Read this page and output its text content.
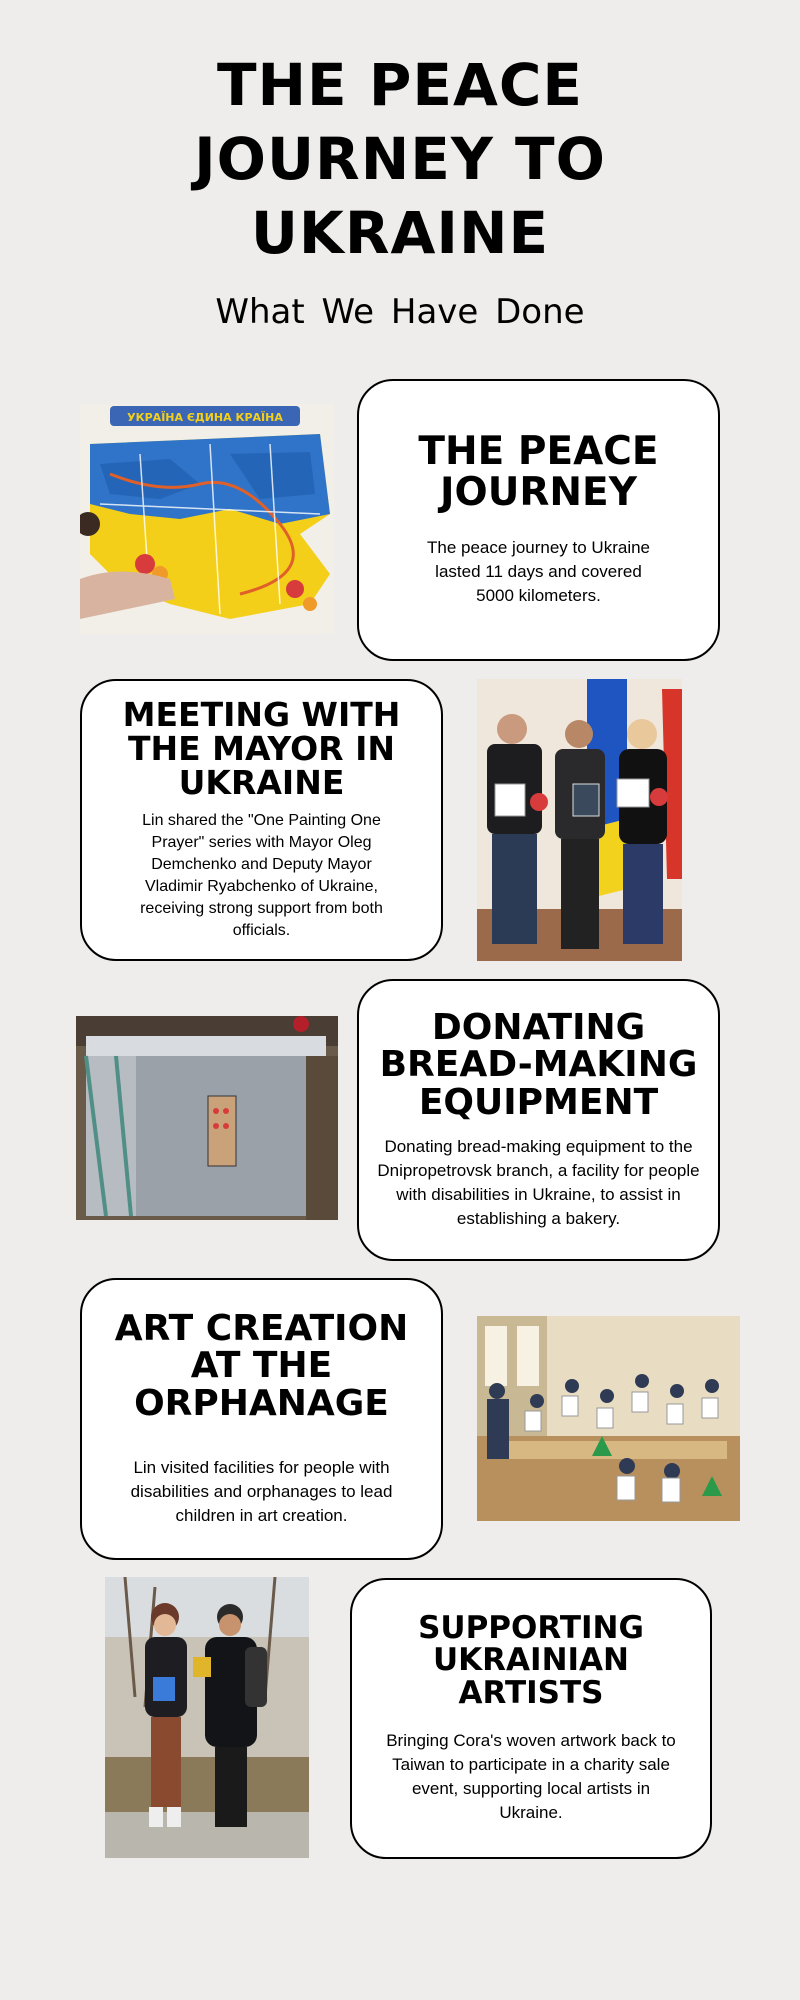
THE PEACE
JOURNEY TO
UKRAINE
What We Have Done
УКРАЇНА ЄДИНА КРАЇНА
THE PEACE
JOURNEY

The peace journey to Ukraine lasted 11 days and covered 5000 kilometers.

MEETING WITH
THE MAYOR IN
UKRAINE

Lin shared the "One Painting One Prayer" series with Mayor Oleg Demchenko and Deputy Mayor Vladimir Ryabchenko of Ukraine, receiving strong support from both officials.

DONATING
BREAD-MAKING
EQUIPMENT

Donating bread-making equipment to the Dnipropetrovsk branch, a facility for people with disabilities in Ukraine, to assist in establishing a bakery.

ART CREATION
AT THE
ORPHANAGE

Lin visited facilities for people with disabilities and orphanages to lead children in art creation.

SUPPORTING
UKRAINIAN
ARTISTS

Bringing Cora's woven artwork back to Taiwan to participate in a charity sale event, supporting local artists in Ukraine.
